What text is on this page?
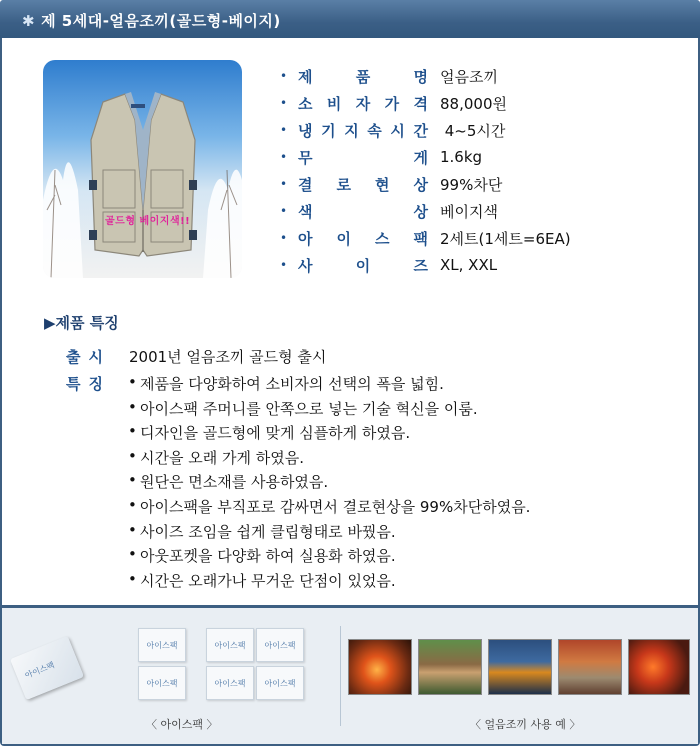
✱ 제 5세대-얼음조끼(골드형-베이지)
골드형 베이지색!!
• 제	품	명 얼음조끼
• 소 비 자 가 격 88,000원
• 냉 기 지 속 시 간 4~5시간
• 무	게 1.6kg
• 결 로 현 상 99%차단
• 색	상 베이지색
• 아 이 스 팩 2세트(1세트=6EA)
• 사	이	즈 XL, XXL
▶제품 특징
출시 2001년 얼음조끼 골드형 출시
특징 • 제품을 다양화하여 소비자의 선택의 폭을 넓힘.
• 아이스팩 주머니를 안쪽으로 넣는 기술 혁신을 이룸.
• 디자인을 골드형에 맞게 심플하게 하였음.
• 시간을 오래 가게 하였음.
• 원단은 면소재를 사용하였음.
• 아이스팩을 부직포로 감싸면서 결로현상을 99%차단하였음.
• 사이즈 조임을 쉽게 클립형태로 바꿨음.
• 아웃포켓을 다양화 하여 실용화 하였음.
• 시간은 오래가나 무거운 단점이 있었음.
아이스팩
아이스팩
아이스팩
아이스팩 아이스팩
아이스팩 아이스팩
〈 아이스팩 〉	〈 얼음조끼 사용 예 〉
